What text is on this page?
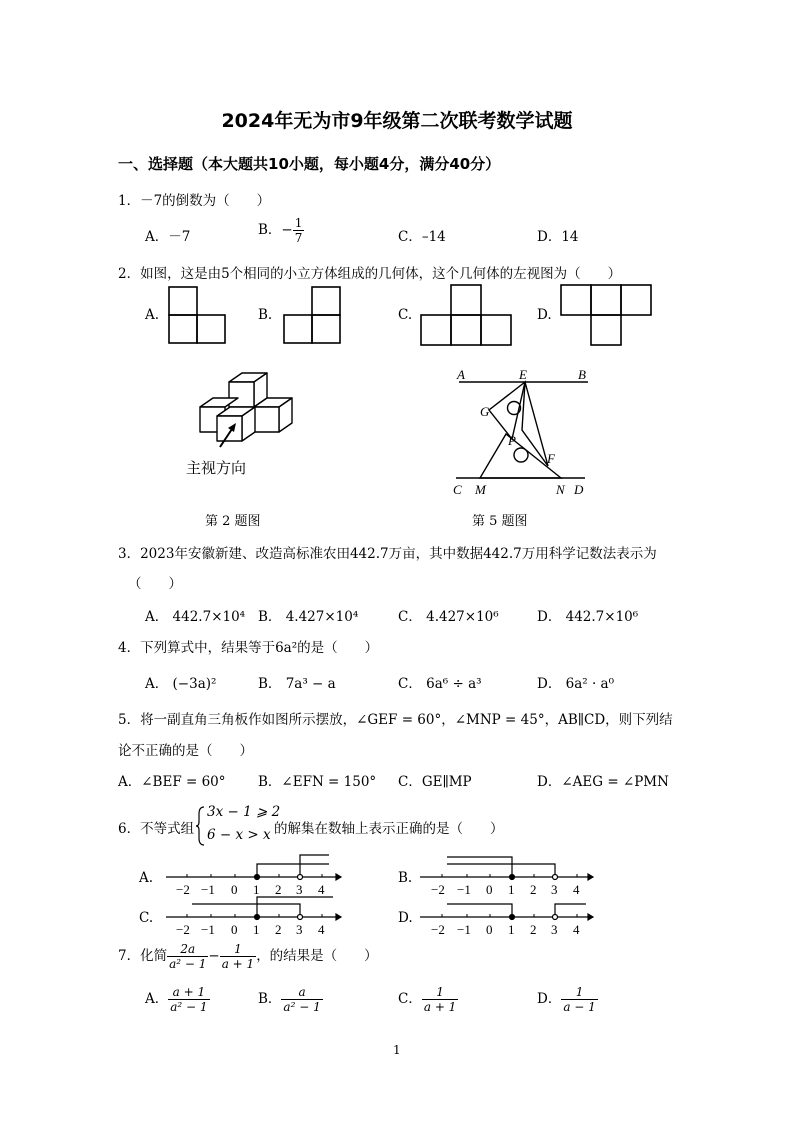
2024年无为市9年级第二次联考数学试题
一、选择题（本大题共10小题，每小题4分，满分40分）
1．－7的倒数为（　　）
A．－7	B．− $\frac{1}{7}$	C．–14	D．14
2．如图，这是由5个相同的小立方体组成的几何体，这个几何体的左视图为（　　）
A.	B.	C.	D.
主视方向
第 2 题图
A	E	B
G
P
F
C M	N D
第 5 题图
3．2023年安徽新建、改造高标准农田442.7万亩，其中数据442.7万用科学记数法表示为
（　　）
A． 442.7×10⁴ B． 4.427×10⁴	C． 4.427×10⁶	D． 442.7×10⁶
4．下列算式中，结果等于6a²的是（　　）
A． (−3a)²	B． 7a³ − a	C． 6a⁶ ÷ a³	D． 6a² · a⁰
5．将一副直角三角板作如图所示摆放，∠GEF = 60°，∠MNP = 45°，AB∥CD，则下列结
论不正确的是（　　）
A．∠BEF = 60° B．∠EFN = 150° C．GE∥MP	D．∠AEG = ∠PMN
6．不等式组
3x − 1 ⩾ 2
6 − x > x 的解集在数轴上表示正确的是（　　）
A.	B.
C.	D.
−2 −1 0 1 2 3 4	−2 −1 0 1 2 3 4
−2 −1 0 1 2 3 4	−2 −1 0 1 2 3 4
7．化简 $\frac{2a}{\text{a² − 1}} - \frac{1}{a + 1}$ ，的结果是（　　）
A． $\frac{a + 1}{\text{a² − 1}}$	B． $\frac{a}{\text{a² − 1}}$	C． $\frac{1}{a + 1}$	D． $\frac{1}{a - 1}$
1
